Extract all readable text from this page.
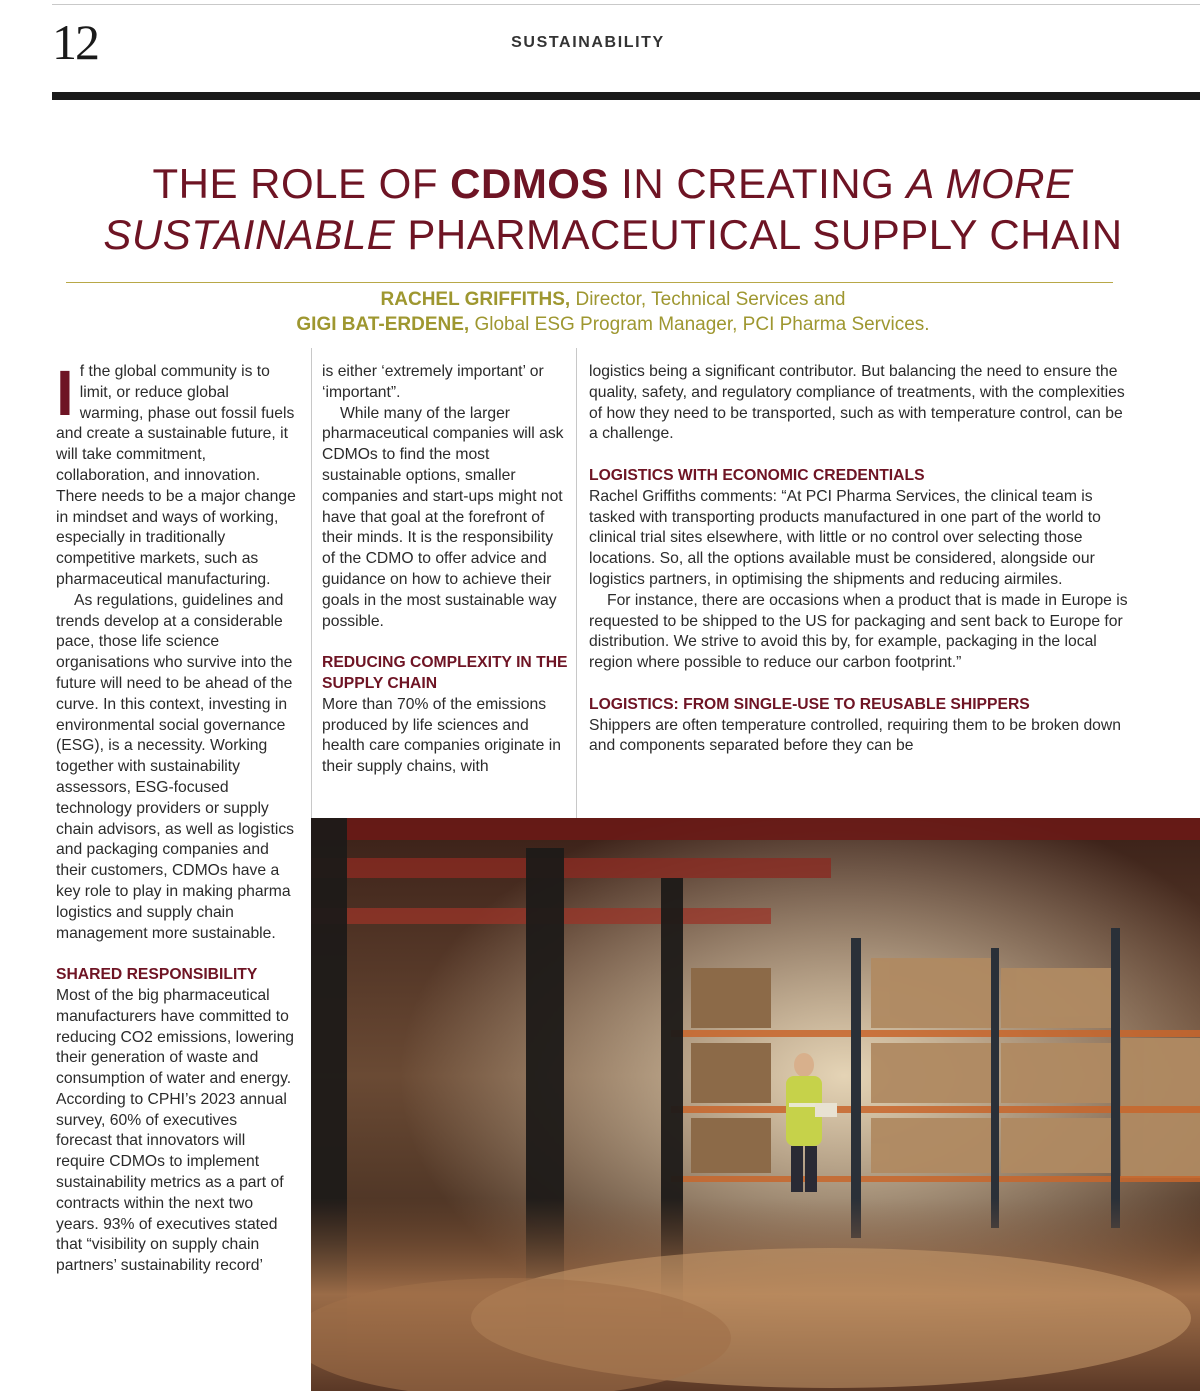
12	SUSTAINABILITY
THE ROLE OF CDMOS IN CREATING A MORE SUSTAINABLE PHARMACEUTICAL SUPPLY CHAIN
RACHEL GRIFFITHS, Director, Technical Services and
GIGI BAT-ERDENE, Global ESG Program Manager, PCI Pharma Services.

If the global community is to limit, or reduce global warming, phase out fossil fuels and create a sustainable future, it will take commitment, collaboration, and innovation. There needs to be a major change in mindset and ways of working, especially in traditionally competitive markets, such as pharmaceutical manufacturing.

As regulations, guidelines and trends develop at a considerable pace, those life science organisations who survive into the future will need to be ahead of the curve. In this context, investing in environmental social governance (ESG), is a necessity. Working together with sustainability assessors, ESG-focused technology providers or supply chain advisors, as well as logistics and packaging companies and their customers, CDMOs have a key role to play in making pharma logistics and supply chain management more sustainable.

SHARED RESPONSIBILITY

Most of the big pharmaceutical manufacturers have committed to reducing CO2 emissions, lowering their generation of waste and consumption of water and energy. According to CPHI’s 2023 annual survey, 60% of executives forecast that innovators will require CDMOs to implement sustainability metrics as a part of contracts within the next two years. 93% of executives stated that “visibility on supply chain partners’ sustainability record’

is either ‘extremely important’ or ‘important”.

While many of the larger pharmaceutical companies will ask CDMOs to find the most sustainable options, smaller companies and start-ups might not have that goal at the forefront of their minds. It is the responsibility of the CDMO to offer advice and guidance on how to achieve their goals in the most sustainable way possible.

REDUCING COMPLEXITY IN THE SUPPLY CHAIN

More than 70% of the emissions produced by life sciences and health care companies originate in their supply chains, with

logistics being a significant contributor. But balancing the need to ensure the quality, safety, and regulatory compliance of treatments, with the complexities of how they need to be transported, such as with temperature control, can be a challenge.

LOGISTICS WITH ECONOMIC CREDENTIALS

Rachel Griffiths comments: “At PCI Pharma Services, the clinical team is tasked with transporting products manufactured in one part of the world to clinical trial sites elsewhere, with little or no control over selecting those locations. So, all the options available must be considered, alongside our logistics partners, in optimising the shipments and reducing airmiles.

For instance, there are occasions when a product that is made in Europe is requested to be shipped to the US for packaging and sent back to Europe for distribution. We strive to avoid this by, for example, packaging in the local region where possible to reduce our carbon footprint.”

LOGISTICS: FROM SINGLE-USE TO REUSABLE SHIPPERS

Shippers are often temperature controlled, requiring them to be broken down and components separated before they can be
